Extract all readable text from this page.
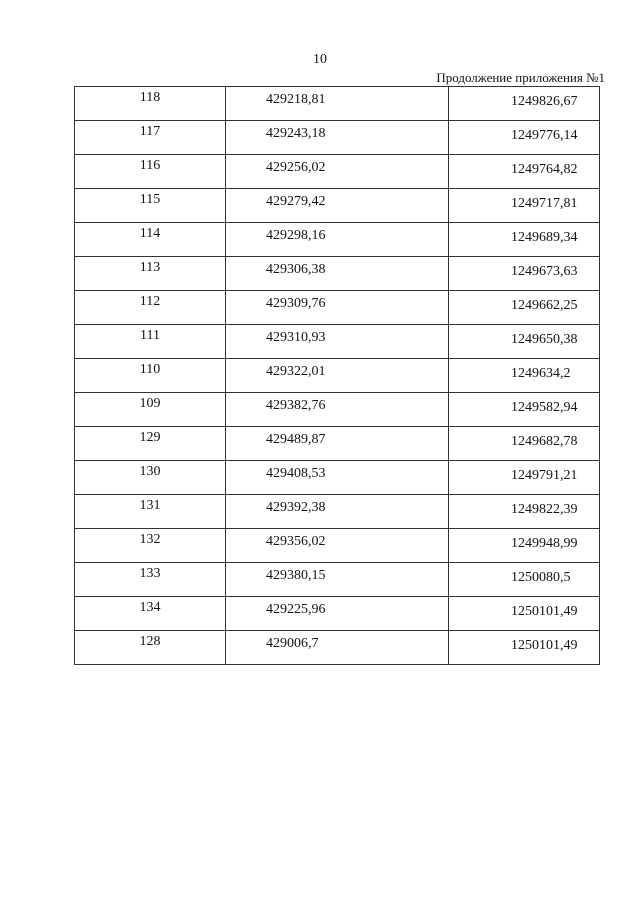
10
Продолжение приложения №1
118	429218,81	1249826,67
117	429243,18	1249776,14
116	429256,02	1249764,82
115	429279,42	1249717,81
114	429298,16	1249689,34
113	429306,38	1249673,63
112	429309,76	1249662,25
111	429310,93	1249650,38
110	429322,01	1249634,2
109	429382,76	1249582,94
129	429489,87	1249682,78
130	429408,53	1249791,21
131	429392,38	1249822,39
132	429356,02	1249948,99
133	429380,15	1250080,5
134	429225,96	1250101,49
128	429006,7	1250101,49
